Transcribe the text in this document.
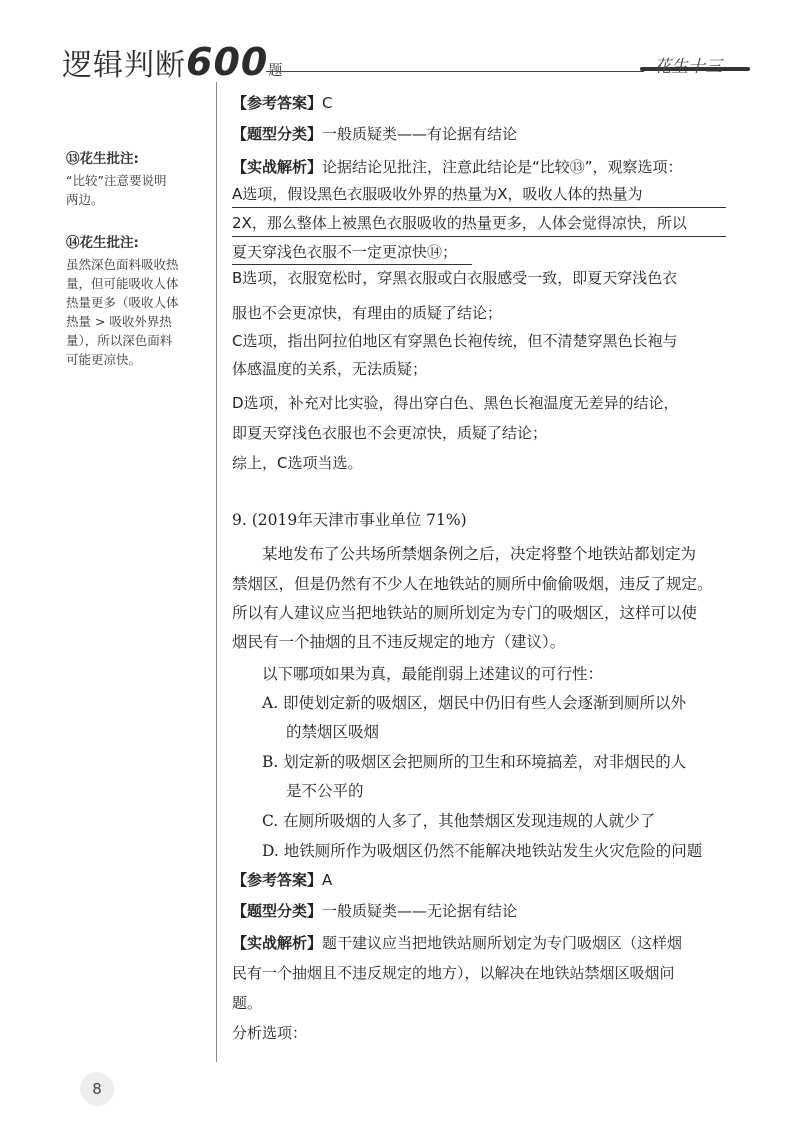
逻辑判断600题	花生十三
⑬花生批注:
“比较”注意要说明
两边。
⑭花生批注:
虽然深色面料吸收热
量，但可能吸收人体
热量更多（吸收人体
热量 > 吸收外界热
量），所以深色面料
可能更凉快。
【参考答案】C
【题型分类】一般质疑类——有论据有结论
【实战解析】论据结论见批注，注意此结论是“比较⑬”，观察选项：
A选项，假设黑色衣服吸收外界的热量为X，吸收人体的热量为
2X，那么整体上被黑色衣服吸收的热量更多，人体会觉得凉快，所以
夏天穿浅色衣服不一定更凉快⑭；
B选项，衣服宽松时，穿黑衣服或白衣服感受一致，即夏天穿浅色衣
服也不会更凉快，有理由的质疑了结论；
C选项，指出阿拉伯地区有穿黑色长袍传统，但不清楚穿黑色长袍与
体感温度的关系，无法质疑；
D选项，补充对比实验，得出穿白色、黑色长袍温度无差异的结论，
即夏天穿浅色衣服也不会更凉快，质疑了结论；
综上，C选项当选。
9. (2019年天津市事业单位 71%)
某地发布了公共场所禁烟条例之后，决定将整个地铁站都划定为
禁烟区，但是仍然有不少人在地铁站的厕所中偷偷吸烟，违反了规定。
所以有人建议应当把地铁站的厕所划定为专门的吸烟区，这样可以使
烟民有一个抽烟的且不违反规定的地方（建议）。
以下哪项如果为真，最能削弱上述建议的可行性：
A. 即使划定新的吸烟区，烟民中仍旧有些人会逐渐到厕所以外
的禁烟区吸烟
B. 划定新的吸烟区会把厕所的卫生和环境搞差，对非烟民的人
是不公平的
C. 在厕所吸烟的人多了，其他禁烟区发现违规的人就少了
D. 地铁厕所作为吸烟区仍然不能解决地铁站发生火灾危险的问题
【参考答案】A
【题型分类】一般质疑类——无论据有结论
【实战解析】题干建议应当把地铁站厕所划定为专门吸烟区（这样烟
民有一个抽烟且不违反规定的地方），以解决在地铁站禁烟区吸烟问
题。
分析选项：
8
